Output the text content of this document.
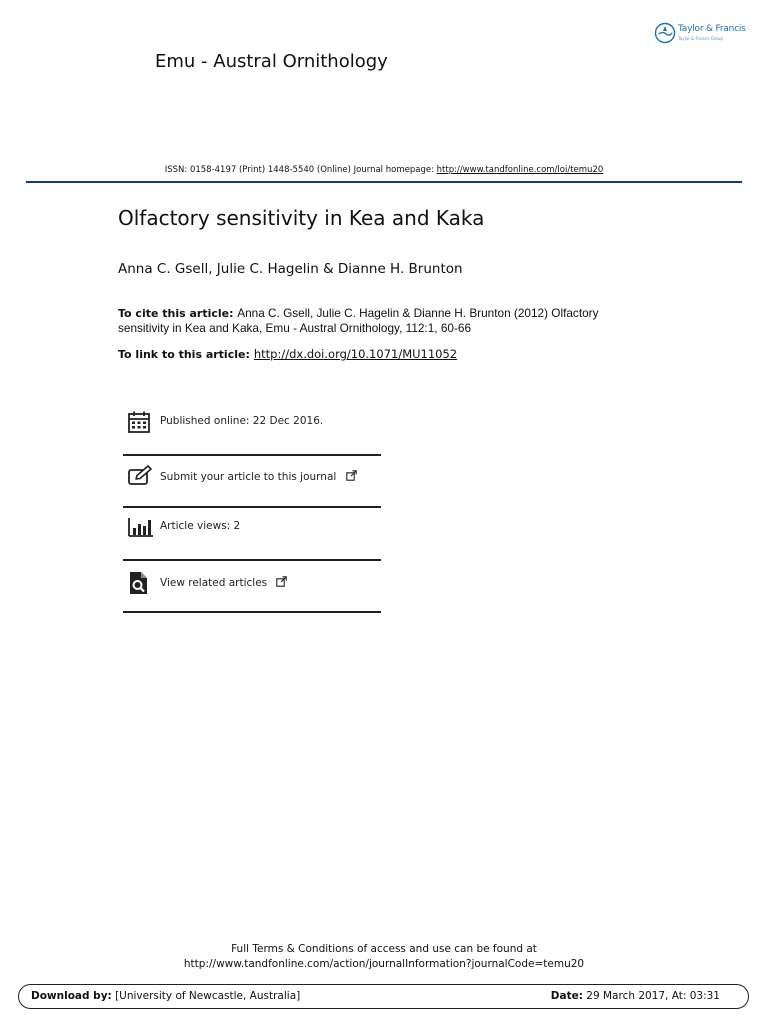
Taylor & Francis
Taylor & Francis Group
Emu - Austral Ornithology
ISSN: 0158-4197 (Print) 1448-5540 (Online) Journal homepage: http://www.tandfonline.com/loi/temu20
Olfactory sensitivity in Kea and Kaka
Anna C. Gsell, Julie C. Hagelin & Dianne H. Brunton
To cite this article: Anna C. Gsell, Julie C. Hagelin & Dianne H. Brunton (2012) Olfactory sensitivity in Kea and Kaka, Emu - Austral Ornithology, 112:1, 60-66
To link to this article: http://dx.doi.org/10.1071/MU11052
Published online: 22 Dec 2016.
Submit your article to this journal
Article views: 2
View related articles
Full Terms & Conditions of access and use can be found at
http://www.tandfonline.com/action/journalInformation?journalCode=temu20
Download by: [University of Newcastle, Australia]	Date: 29 March 2017, At: 03:31
